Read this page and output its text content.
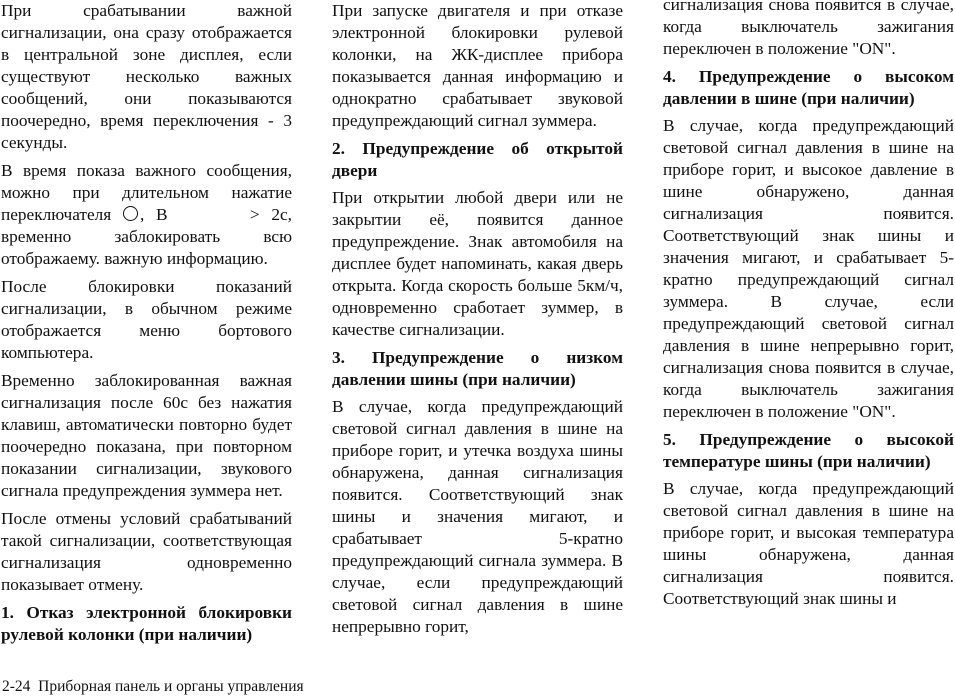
При срабатывании важной сигнализации, она сразу отображается в центральной зоне дисплея, если существуют несколько важных сообщений, они показываются поочередно, время переключения - 3 секунды.

В время показа важного сообщения, можно при длительном нажатие переключателя , B	> 2с, временно заблокировать всю отображаему. важную информацию.

После блокировки показаний сигнализации, в обычном режиме отображается меню бортового компьютера.

Временно заблокированная важная сигнализация после 60с без нажатия клавиш, автоматически повторно будет поочередно показана, при повторном показании сигнализации, звукового сигнала предупреждения зуммера нет.

После отмены условий срабатываний такой сигнализации, соответствующая сигнализация одновременно показывает отмену.

1. Отказ электронной блокировки рулевой колонки (при наличии)

При запуске двигателя и при отказе электронной блокировки рулевой колонки, на ЖК-дисплее прибора показывается данная информацию и однократно срабатывает звуковой предупреждающий сигнал зуммера.

2. Предупреждение об открытой двери

При открытии любой двери или не закрытии её, появится данное предупреждение. Знак автомобиля на дисплее будет напоминать, какая дверь открыта. Когда скорость больше 5км/ч, одновременно сработает зуммер, в качестве сигнализации.

3. Предупреждение о низком давлении шины (при наличии)

В случае, когда предупреждающий световой сигнал давления в шине на приборе горит, и утечка воздуха шины обнаружена, данная сигнализация появится. Соответствующий знак шины и значения мигают, и срабатывает 5-кратно предупреждающий сигнала зуммера. В случае, если предупреждающий световой сигнал давления в шине непрерывно горит,

сигнализация снова появится в случае, когда выключатель зажигания переключен в положение "ON".

4. Предупреждение о высоком давлении в шине (при наличии)

В случае, когда предупреждающий световой сигнал давления в шине на приборе горит, и высокое давление в шине обнаружено, данная сигнализация появится. Соответствующий знак шины и значения мигают, и срабатывает 5-кратно предупреждающий сигнал зуммера. В случае, если предупреждающий световой сигнал давления в шине непрерывно горит, сигнализация снова появится в случае, когда выключатель зажигания переключен в положение "ON".

5. Предупреждение о высокой температуре шины (при наличии)

В случае, когда предупреждающий световой сигнал давления в шине на приборе горит, и высокая температура шины обнаружена, данная сигнализация появится. Соответствующий знак шины и

2-24 Приборная панель и органы управления
